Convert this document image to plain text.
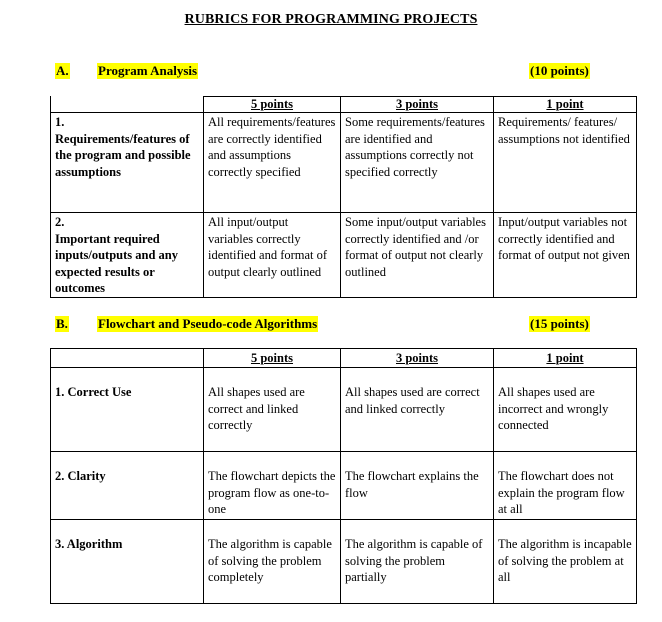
RUBRICS FOR PROGRAMMING PROJECTS
A. Program Analysis	(10 points)
	5 points	3 points	1 point

1.
Requirements/features of the program and possible assumptions	All requirements/features are correctly identified and assumptions correctly specified	Some requirements/features are identified and assumptions correctly not specified correctly	Requirements/ features/ assumptions not identified

2.
Important required inputs/outputs and any expected results or outcomes	All input/output variables correctly identified and format of output clearly outlined	Some input/output variables correctly identified and /or format of output not clearly outlined	Input/output variables not correctly identified and format of output not given
B. Flowchart and Pseudo-code Algorithms	(15 points)
	5 points	3 points	1 point
1. Correct Use	All shapes used are correct and linked correctly	All shapes used are correct and linked correctly	All shapes used are incorrect and wrongly connected
2. Clarity	The flowchart depicts the program flow as one-to-one	The flowchart explains the flow	The flowchart does not explain the program flow at all
3. Algorithm	The algorithm is capable of solving the problem completely	The algorithm is capable of solving the problem partially	The algorithm is incapable of solving the problem at all
